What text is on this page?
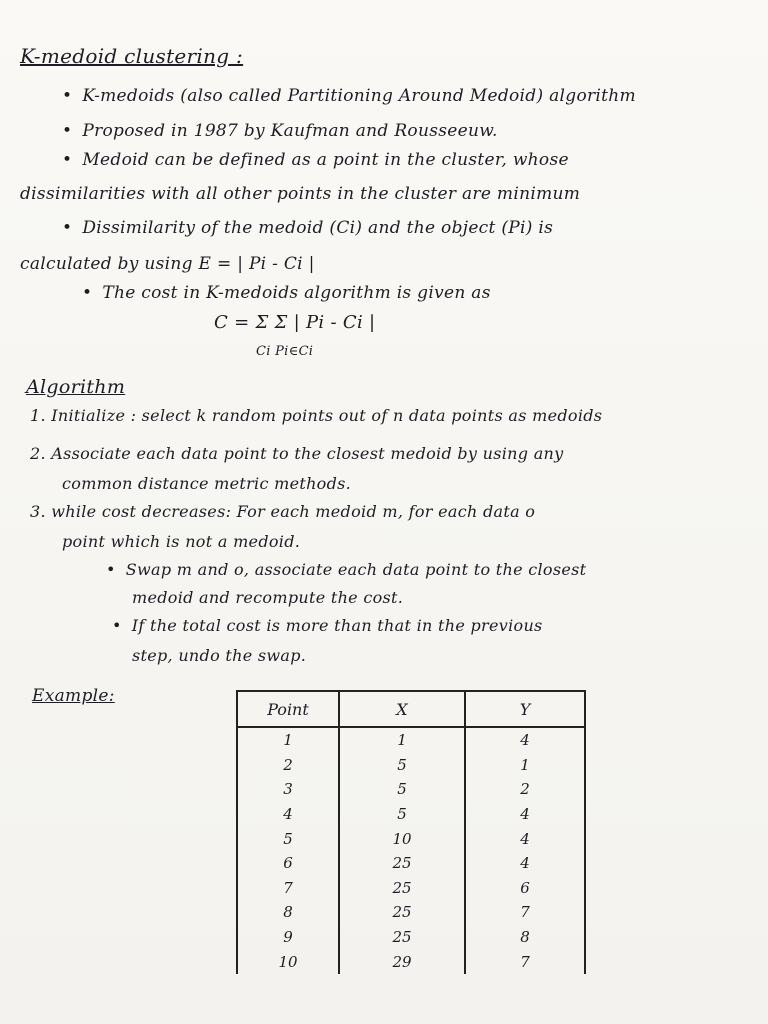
K-medoid clustering :
• K-medoids (also called Partitioning Around Medoid) algorithm
• Proposed in 1987 by Kaufman and Rousseeuw.
• Medoid can be defined as a point in the cluster, whose
dissimilarities with all other points in the cluster are minimum
• Dissimilarity of the medoid (Ci) and the object (Pi) is
calculated by using E = | Pi - Ci |
• The cost in K-medoids algorithm is given as
C = Σ Σ | Pi - Ci |
Ci Pi∈Ci
Algorithm
1. Initialize : select k random points out of n data points as medoids
2. Associate each data point to the closest medoid by using any
common distance metric methods.
3. while cost decreases: For each medoid m, for each data o
point which is not a medoid.
• Swap m and o, associate each data point to the closest
medoid and recompute the cost.
• If the total cost is more than that in the previous
step, undo the swap.
Example:
Point	X	Y
1	1	4
2	5	1
3	5	2
4	5	4
5	10	4
6	25	4
7	25	6
8	25	7
9	25	8
10	29	7
